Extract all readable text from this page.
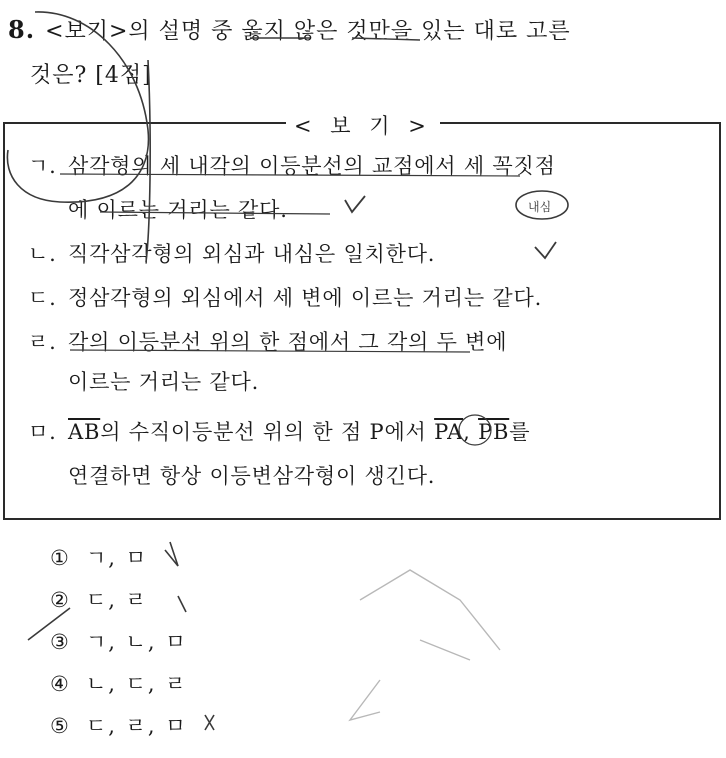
8. <보기>의 설명 중 옳지 않은 것만을 있는 대로 고른
것은? [4점]
< 보 기 >
ㄱ. 삼각형의 세 내각의 이등분선의 교점에서 세 꼭짓점
에 이르는 거리는 같다.
ㄴ. 직각삼각형의 외심과 내심은 일치한다.
ㄷ. 정삼각형의 외심에서 세 변에 이르는 거리는 같다.
ㄹ. 각의 이등분선 위의 한 점에서 그 각의 두 변에
이르는 거리는 같다.
ㅁ. $\overline{AB}$의 수직이등분선 위의 한 점 P에서 $\overline{PA}$, $\overline{PB}$를
연결하면 항상 이등변삼각형이 생긴다.
① ㄱ, ㅁ
② ㄷ, ㄹ
③ ㄱ, ㄴ, ㅁ
④ ㄴ, ㄷ, ㄹ
⑤ ㄷ, ㄹ, ㅁ
내심
